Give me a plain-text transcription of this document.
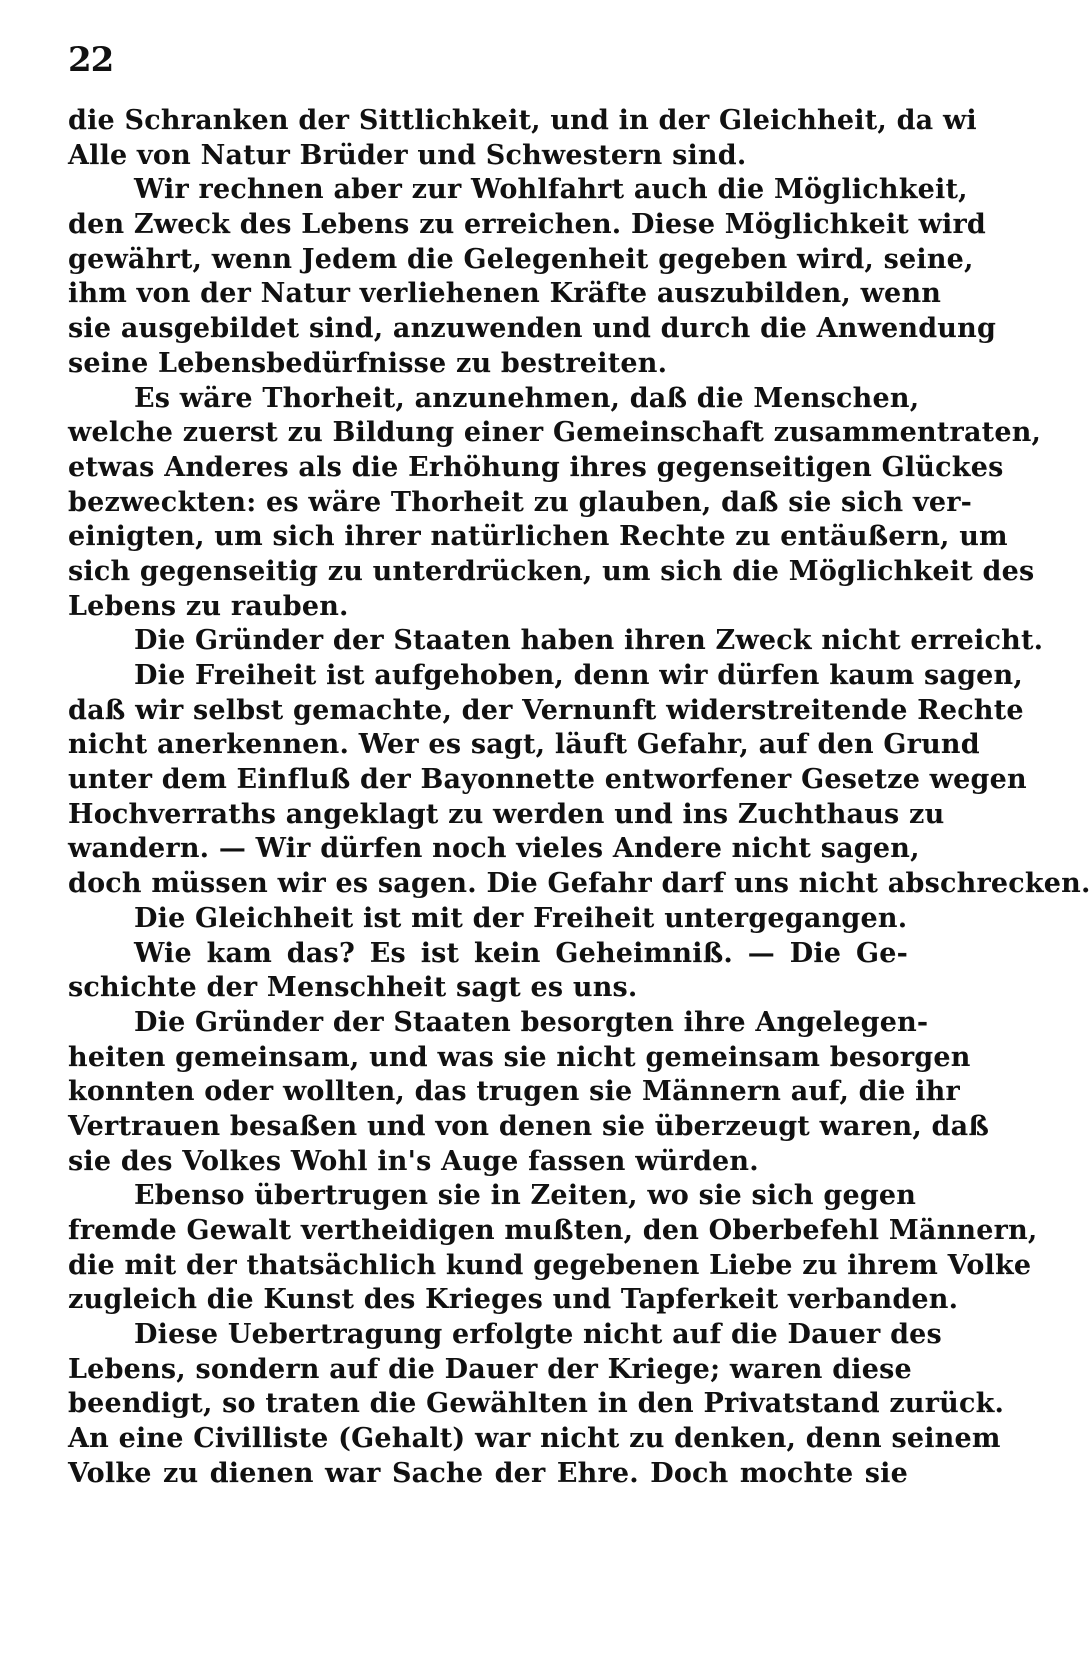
22
die Schranken der Sittlichkeit, und in der Gleichheit, da wi
Alle von Natur Brüder und Schwestern sind.
Wir rechnen aber zur Wohlfahrt auch die Möglichkeit,
den Zweck des Lebens zu erreichen. Diese Möglichkeit wird
gewährt, wenn Jedem die Gelegenheit gegeben wird, seine,
ihm von der Natur verliehenen Kräfte auszubilden, wenn
sie ausgebildet sind, anzuwenden und durch die Anwendung
seine Lebensbedürfnisse zu bestreiten.
Es wäre Thorheit, anzunehmen, daß die Menschen,
welche zuerst zu Bildung einer Gemeinschaft zusammentraten,
etwas Anderes als die Erhöhung ihres gegenseitigen Glückes
bezweckten: es wäre Thorheit zu glauben, daß sie sich ver-
einigten, um sich ihrer natürlichen Rechte zu entäußern, um
sich gegenseitig zu unterdrücken, um sich die Möglichkeit des
Lebens zu rauben.
Die Gründer der Staaten haben ihren Zweck nicht erreicht.
Die Freiheit ist aufgehoben, denn wir dürfen kaum sagen,
daß wir selbst gemachte, der Vernunft widerstreitende Rechte
nicht anerkennen. Wer es sagt, läuft Gefahr, auf den Grund
unter dem Einfluß der Bayonnette entworfener Gesetze wegen
Hochverraths angeklagt zu werden und ins Zuchthaus zu
wandern. — Wir dürfen noch vieles Andere nicht sagen,
doch müssen wir es sagen. Die Gefahr darf uns nicht abschrecken.
Die Gleichheit ist mit der Freiheit untergegangen.
Wie kam das? Es ist kein Geheimniß. — Die Ge-
schichte der Menschheit sagt es uns.
Die Gründer der Staaten besorgten ihre Angelegen-
heiten gemeinsam, und was sie nicht gemeinsam besorgen
konnten oder wollten, das trugen sie Männern auf, die ihr
Vertrauen besaßen und von denen sie überzeugt waren, daß
sie des Volkes Wohl in's Auge fassen würden.
Ebenso übertrugen sie in Zeiten, wo sie sich gegen
fremde Gewalt vertheidigen mußten, den Oberbefehl Männern,
die mit der thatsächlich kund gegebenen Liebe zu ihrem Volke
zugleich die Kunst des Krieges und Tapferkeit verbanden.
Diese Uebertragung erfolgte nicht auf die Dauer des
Lebens, sondern auf die Dauer der Kriege; waren diese
beendigt, so traten die Gewählten in den Privatstand zurück.
An eine Civilliste (Gehalt) war nicht zu denken, denn seinem
Volke zu dienen war Sache der Ehre. Doch mochte sie
